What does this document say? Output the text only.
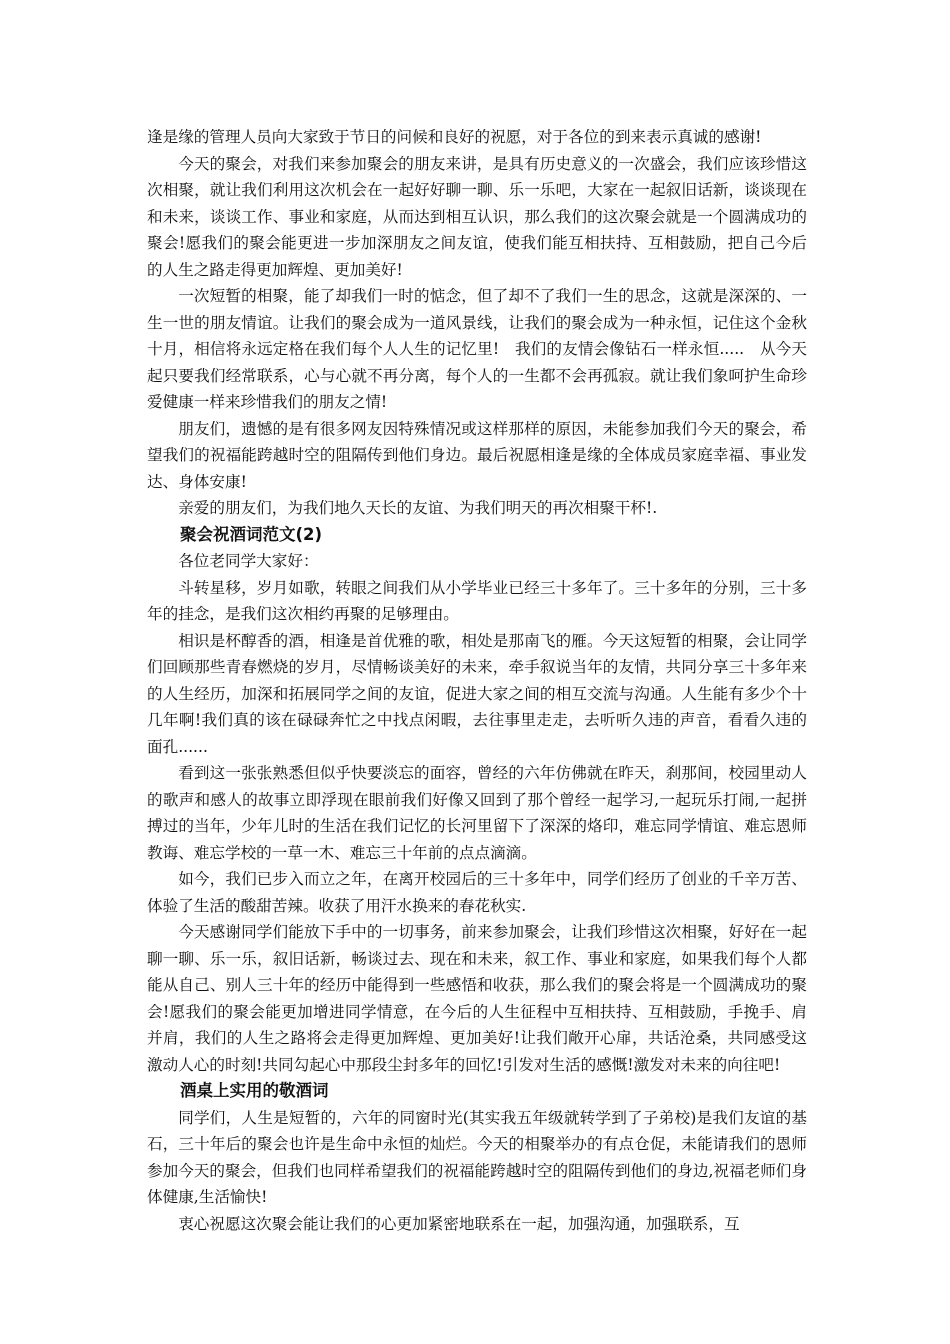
逢是缘的管理人员向大家致于节日的问候和良好的祝愿，对于各位的到来表示真诚的感谢!

今天的聚会，对我们来参加聚会的朋友来讲，是具有历史意义的一次盛会，我们应该珍惜这次相聚，就让我们利用这次机会在一起好好聊一聊、乐一乐吧，大家在一起叙旧话新，谈谈现在和未来，谈谈工作、事业和家庭，从而达到相互认识，那么我们的这次聚会就是一个圆满成功的聚会!愿我们的聚会能更进一步加深朋友之间友谊，使我们能互相扶持、互相鼓励，把自己今后的人生之路走得更加辉煌、更加美好!

一次短暂的相聚，能了却我们一时的惦念，但了却不了我们一生的思念，这就是深深的、一生一世的朋友情谊。让我们的聚会成为一道风景线，让我们的聚会成为一种永恒，记住这个金秋十月，相信将永远定格在我们每个人人生的记忆里!　我们的友情会像钻石一样永恒.....　从今天起只要我们经常联系，心与心就不再分离，每个人的一生都不会再孤寂。就让我们象呵护生命珍爱健康一样来珍惜我们的朋友之情!

朋友们，遗憾的是有很多网友因特殊情况或这样那样的原因，未能参加我们今天的聚会，希望我们的祝福能跨越时空的阻隔传到他们身边。最后祝愿相逢是缘的全体成员家庭幸福、事业发达、身体安康!

亲爱的朋友们，为我们地久天长的友谊、为我们明天的再次相聚干杯!.

聚会祝酒词范文(2)

各位老同学大家好：

斗转星移，岁月如歌，转眼之间我们从小学毕业已经三十多年了。三十多年的分别，三十多年的挂念，是我们这次相约再聚的足够理由。

相识是杯醇香的酒，相逢是首优雅的歌，相处是那南飞的雁。今天这短暂的相聚，会让同学们回顾那些青春燃烧的岁月，尽情畅谈美好的未来，牵手叙说当年的友情，共同分享三十多年来的人生经历，加深和拓展同学之间的友谊，促进大家之间的相互交流与沟通。人生能有多少个十几年啊!我们真的该在碌碌奔忙之中找点闲暇，去往事里走走，去听听久违的声音，看看久违的面孔......

看到这一张张熟悉但似乎快要淡忘的面容，曾经的六年仿佛就在昨天，刹那间，校园里动人的歌声和感人的故事立即浮现在眼前我们好像又回到了那个曾经一起学习,一起玩乐打闹,一起拼搏过的当年，少年儿时的生活在我们记忆的长河里留下了深深的烙印，难忘同学情谊、难忘恩师教诲、难忘学校的一草一木、难忘三十年前的点点滴滴。

如今，我们已步入而立之年，在离开校园后的三十多年中，同学们经历了创业的千辛万苦、体验了生活的酸甜苦辣。收获了用汗水换来的春花秋实.

今天感谢同学们能放下手中的一切事务，前来参加聚会，让我们珍惜这次相聚，好好在一起聊一聊、乐一乐，叙旧话新，畅谈过去、现在和未来，叙工作、事业和家庭，如果我们每个人都能从自己、别人三十年的经历中能得到一些感悟和收获，那么我们的聚会将是一个圆满成功的聚会!愿我们的聚会能更加增进同学情意，在今后的人生征程中互相扶持、互相鼓励，手挽手、肩并肩，我们的人生之路将会走得更加辉煌、更加美好!让我们敞开心扉，共话沧桑，共同感受这激动人心的时刻!共同勾起心中那段尘封多年的回忆!引发对生活的感慨!激发对未来的向往吧!

酒桌上实用的敬酒词

同学们，人生是短暂的，六年的同窗时光(其实我五年级就转学到了子弟校)是我们友谊的基石，三十年后的聚会也许是生命中永恒的灿烂。今天的相聚举办的有点仓促，未能请我们的恩师参加今天的聚会，但我们也同样希望我们的祝福能跨越时空的阻隔传到他们的身边,祝福老师们身体健康,生活愉快!

衷心祝愿这次聚会能让我们的心更加紧密地联系在一起，加强沟通，加强联系，互
